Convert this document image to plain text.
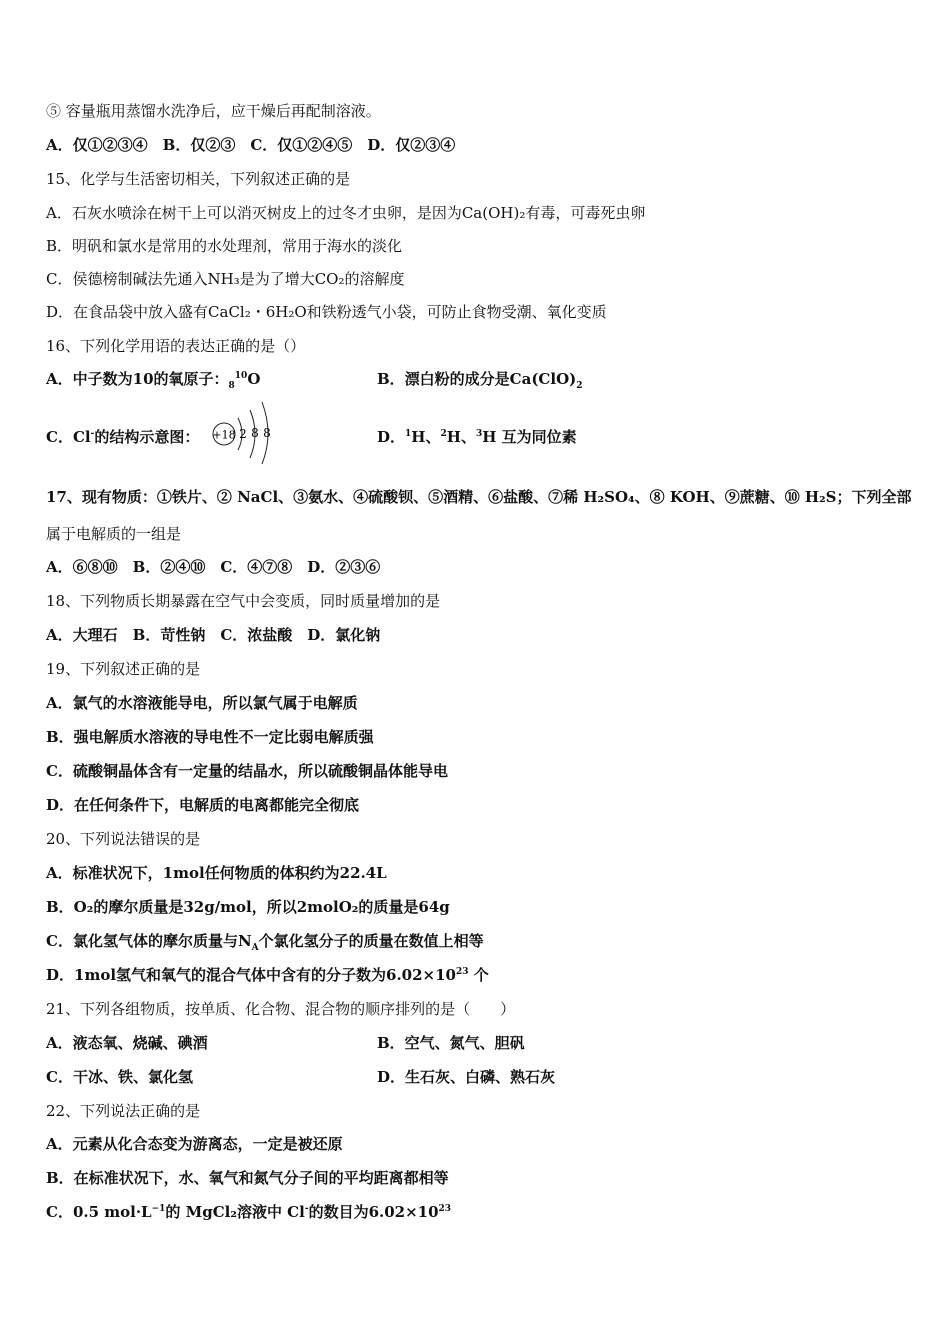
⑤ 容量瓶用蒸馏水洗净后，应干燥后再配制溶液。
A．仅①②③④　B．仅②③　C．仅①②④⑤　D．仅②③④
15、化学与生活密切相关，下列叙述正确的是
A．石灰水喷涂在树干上可以消灭树皮上的过冬才虫卵，是因为Ca(OH)₂有毒，可毒死虫卵
B．明矾和氯水是常用的水处理剂，常用于海水的淡化
C．侯德榜制碱法先通入NH₃是为了增大CO₂的溶解度
D．在食品袋中放入盛有CaCl₂・6H₂O和铁粉透气小袋，可防止食物受潮、氧化变质
16、下列化学用语的表达正确的是（）
A．中子数为10的氧原子：$_8^{10}$O	B．漂白粉的成分是$Ca(ClO)_2$
C．Cl-的结构示意图： +18 2 8 8	D．$^1$H、$^2$H、$^3$H 互为同位素
17、现有物质：①铁片、② NaCl、③氨水、④硫酸钡、⑤酒精、⑥盐酸、⑦稀 H₂SO₄、⑧ KOH、⑨蔗糖、⑩ H₂S；下列全部
属于电解质的一组是
A．⑥⑧⑩　B．②④⑩　C．④⑦⑧　D．②③⑥
18、下列物质长期暴露在空气中会变质，同时质量增加的是
A．大理石　B．苛性钠　C．浓盐酸　D．氯化钠
19、下列叙述正确的是
A．氯气的水溶液能导电，所以氯气属于电解质
B．强电解质水溶液的导电性不一定比弱电解质强
C．硫酸铜晶体含有一定量的结晶水，所以硫酸铜晶体能导电
D．在任何条件下，电解质的电离都能完全彻底
20、下列说法错误的是
A．标准状况下，1mol任何物质的体积约为22.4L
B．O₂的摩尔质量是32g/mol，所以2molO₂的质量是64g
C．氯化氢气体的摩尔质量与$N_A$个氯化氢分子的质量在数值上相等
D．1mol氢气和氧气的混合气体中含有的分子数为$6.02\times 10^{23}$ 个
21、下列各组物质，按单质、化合物、混合物的顺序排列的是（　　）
A．液态氧、烧碱、碘酒	B．空气、氮气、胆矾
C．干冰、铁、氯化氢	D．生石灰、白磷、熟石灰
22、下列说法正确的是
A．元素从化合态变为游离态，一定是被还原
B．在标准状况下，水、氧气和氮气分子间的平均距离都相等
C．0.5 $mol\cdot L^{-1}$的 MgCl₂溶液中 Cl-的数目为$6.02\times 10^{23}$
